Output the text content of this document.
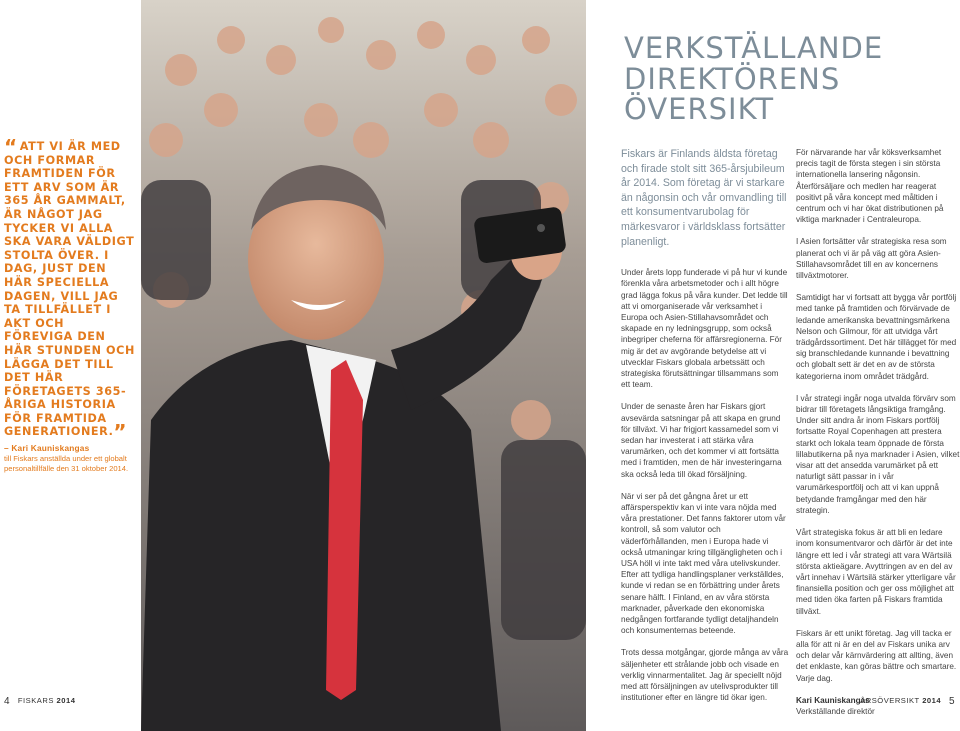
“ ATT VI ÄR MED OCH FORMAR FRAMTIDEN FÖR ETT ARV SOM ÄR 365 ÅR GAMMALT, ÄR NÅGOT JAG TYCKER VI ALLA SKA VARA VÄLDIGT STOLTA ÖVER. I DAG, JUST DEN HÄR SPECIELLA DAGEN, VILL JAG TA TILLFÄLLET I AKT OCH FÖREVIGA DEN HÄR STUNDEN OCH LÄGGA DET TILL DET HÄR FÖRETAGETS 365-ÅRIGA HISTORIA FÖR FRAMTIDA GENERATIONER.”
– Kari Kauniskangas
till Fiskars anställda under ett globalt personaltillfälle den 31 oktober 2014.
VERKSTÄLLANDE
DIREKTÖRENS
ÖVERSIKT
Fiskars är Finlands äldsta företag och firade stolt sitt 365-årsjubileum år 2014. Som företag är vi starkare än någonsin och vår omvandling till ett konsumentvarubolag för märkesvaror i världsklass fortsätter planenligt.

Under årets lopp funderade vi på hur vi kunde förenkla våra arbetsmetoder och i allt högre grad lägga fokus på våra kunder. Det ledde till att vi omorganiserade vår verksamhet i Europa och Asien-Stillahavsområdet och skapade en ny ledningsgrupp, som också inbegriper cheferna för affärsregionerna. För mig är det av avgörande betydelse att vi utvecklar Fiskars globala arbetssätt och strategiska förutsättningar tillsammans som ett team.

Under de senaste åren har Fiskars gjort avsevärda satsningar på att skapa en grund för tillväxt. Vi har frigjort kassamedel som vi sedan har investerat i att stärka våra varumärken, och det kommer vi att fortsätta med i framtiden, men de här investeringarna ska också leda till ökad försäljning.

När vi ser på det gångna året ur ett affärsperspektiv kan vi inte vara nöjda med våra prestationer. Det fanns faktorer utom vår kontroll, så som valutor och väderförhållanden, men i Europa hade vi också utmaningar kring tillgängligheten och i USA höll vi inte takt med våra utelivskunder. Efter att tydliga handlingsplaner verkställdes, kunde vi redan se en förbättring under årets senare hälft. I Finland, en av våra största marknader, påverkade den ekonomiska nedgången fortfarande tydligt detaljhandeln och konsumenternas beteende.

Trots dessa motgångar, gjorde många av våra säljenheter ett strålande jobb och visade en verklig vinnarmentalitet. Jag är speciellt nöjd med att försäljningen av utelivsprodukter till institutioner efter en längre tid ökar igen.

För närvarande har vår köksverksamhet precis tagit de första stegen i sin största internationella lansering någonsin. Återförsäljare och medlen har reagerat positivt på våra koncept med måltiden i centrum och vi har ökat distributionen på viktiga marknader i Centraleuropa.

I Asien fortsätter vår strategiska resa som planerat och vi är på väg att göra Asien-Stillahavsområdet till en av koncernens tillväxtmotorer.

Samtidigt har vi fortsatt att bygga vår portfölj med tanke på framtiden och förvärvade de ledande amerikanska bevattningsmärkena Nelson och Gilmour, för att utvidga vårt trädgårdssortiment. Det här tillägget för med sig branschledande kunnande i bevattning och globalt sett är det en av de största kategorierna inom området trädgård.

I vår strategi ingår noga utvalda förvärv som bidrar till företagets långsiktiga framgång. Under sitt andra år inom Fiskars portfölj fortsatte Royal Copenhagen att prestera starkt och lokala team öppnade de första lillabutikerna på nya marknader i Asien, vilket visar att det ansedda varumärket på ett naturligt sätt passar in i vår varumärkesportfölj och att vi kan uppnå betydande framgångar med den här strategin.

Vårt strategiska fokus är att bli en ledare inom konsumentvaror och därför är det inte längre ett led i vår strategi att vara Wärtsilä största aktieägare. Avyttringen av en del av vårt innehav i Wärtsilä stärker ytterligare vår finansiella position och ger oss möjlighet att med tiden öka farten på Fiskars framtida tillväxt.

Fiskars är ett unikt företag. Jag vill tacka er alla för att ni är en del av Fiskars unika arv och delar vår kärnvärdering att allting, även det enklaste, kan göras bättre och smartare. Varje dag.

Kari Kauniskangas
Verkställande direktör
4 FISKARS 2014	ÅRSÖVERSIKT 2014 5
